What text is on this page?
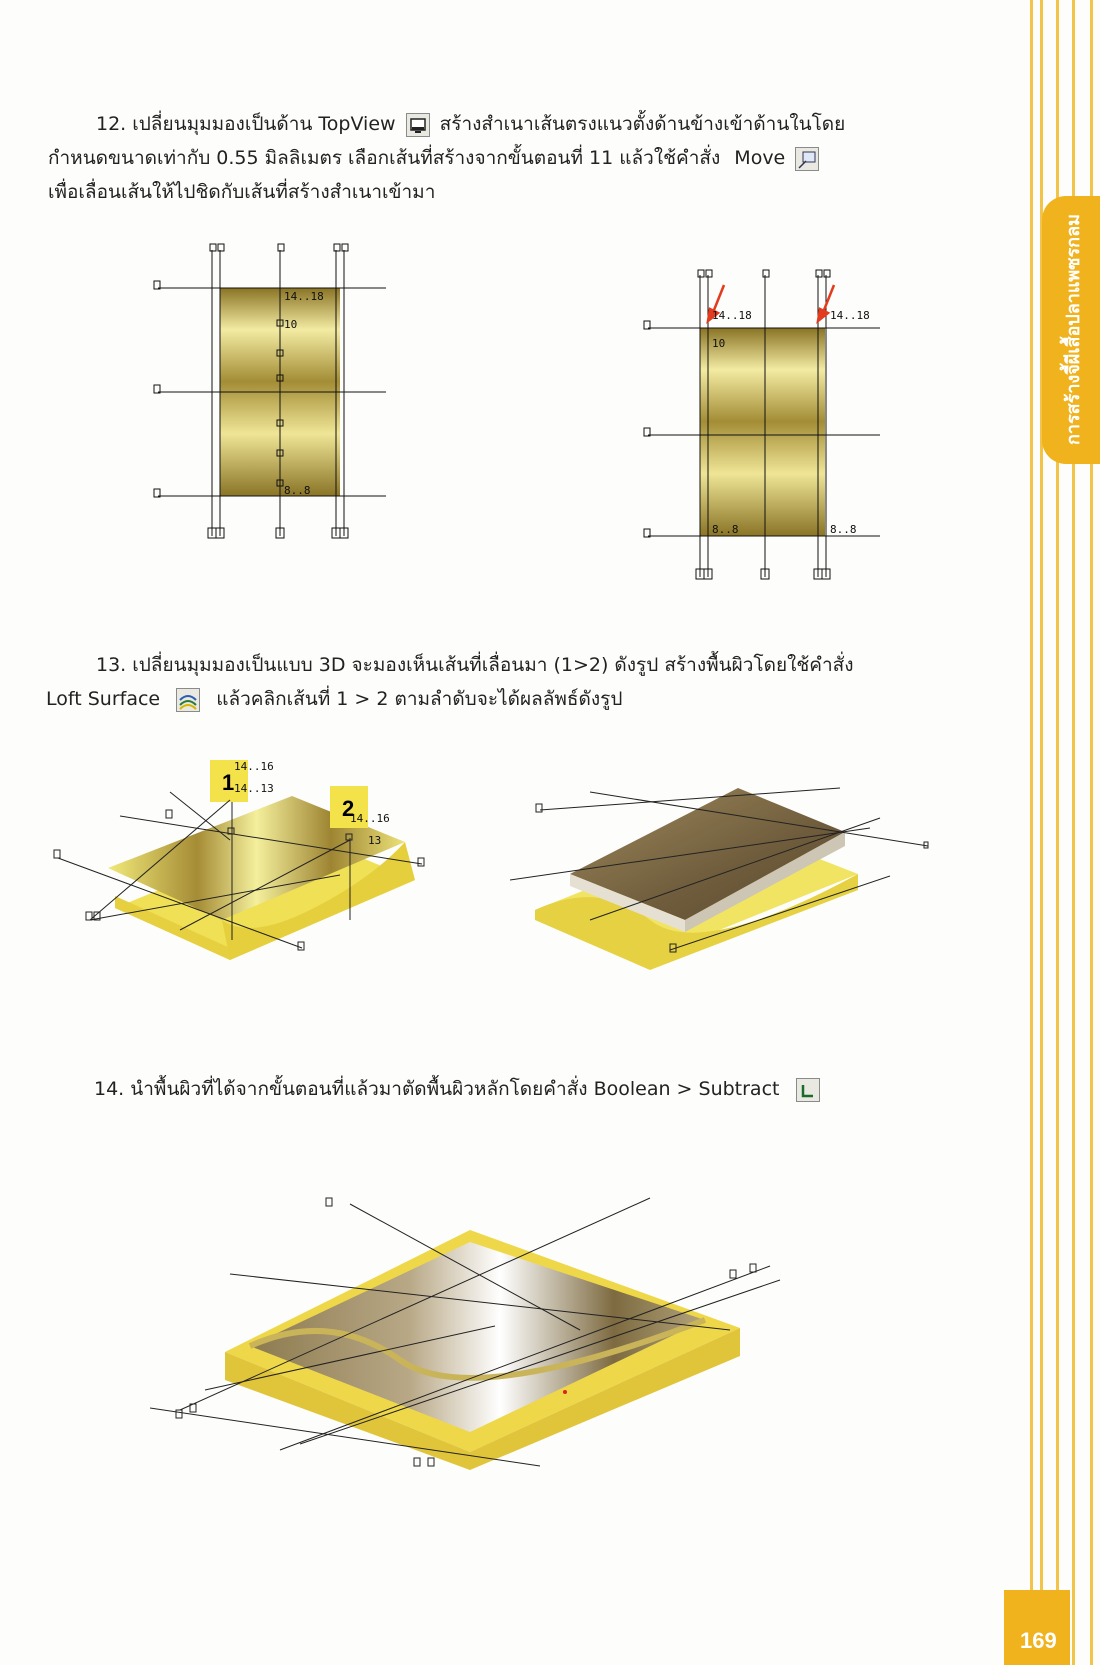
การสร้างจี้ผีเสื้อปลาแพซรกลม
169
12. เปลี่ยนมุมมองเป็นด้าน TopView สร้างสำเนาเส้นตรงแนวตั้งด้านข้างเข้าด้านในโดย
กำหนดขนาดเท่ากับ 0.55 มิลลิเมตร เลือกเส้นที่สร้างจากขั้นตอนที่ 11 แล้วใช้คำสั่ง Move
เพื่อเลื่อนเส้นให้ไปชิดกับเส้นที่สร้างสำเนาเข้ามา
14..18
10
8..8
14..18	14..18
10
8..8	8..8
13. เปลี่ยนมุมมองเป็นแบบ 3D จะมองเห็นเส้นที่เลื่อนมา (1>2) ดังรูป สร้างพื้นผิวโดยใช้คำสั่ง
Loft Surface	แล้วคลิกเส้นที่ 1 > 2 ตามลำดับจะได้ผลลัพธ์ดังรูป
1
2
14..16
14..13
14..16
13
14. นำพื้นผิวที่ได้จากขั้นตอนที่แล้วมาตัดพื้นผิวหลักโดยคำสั่ง Boolean > Subtract
